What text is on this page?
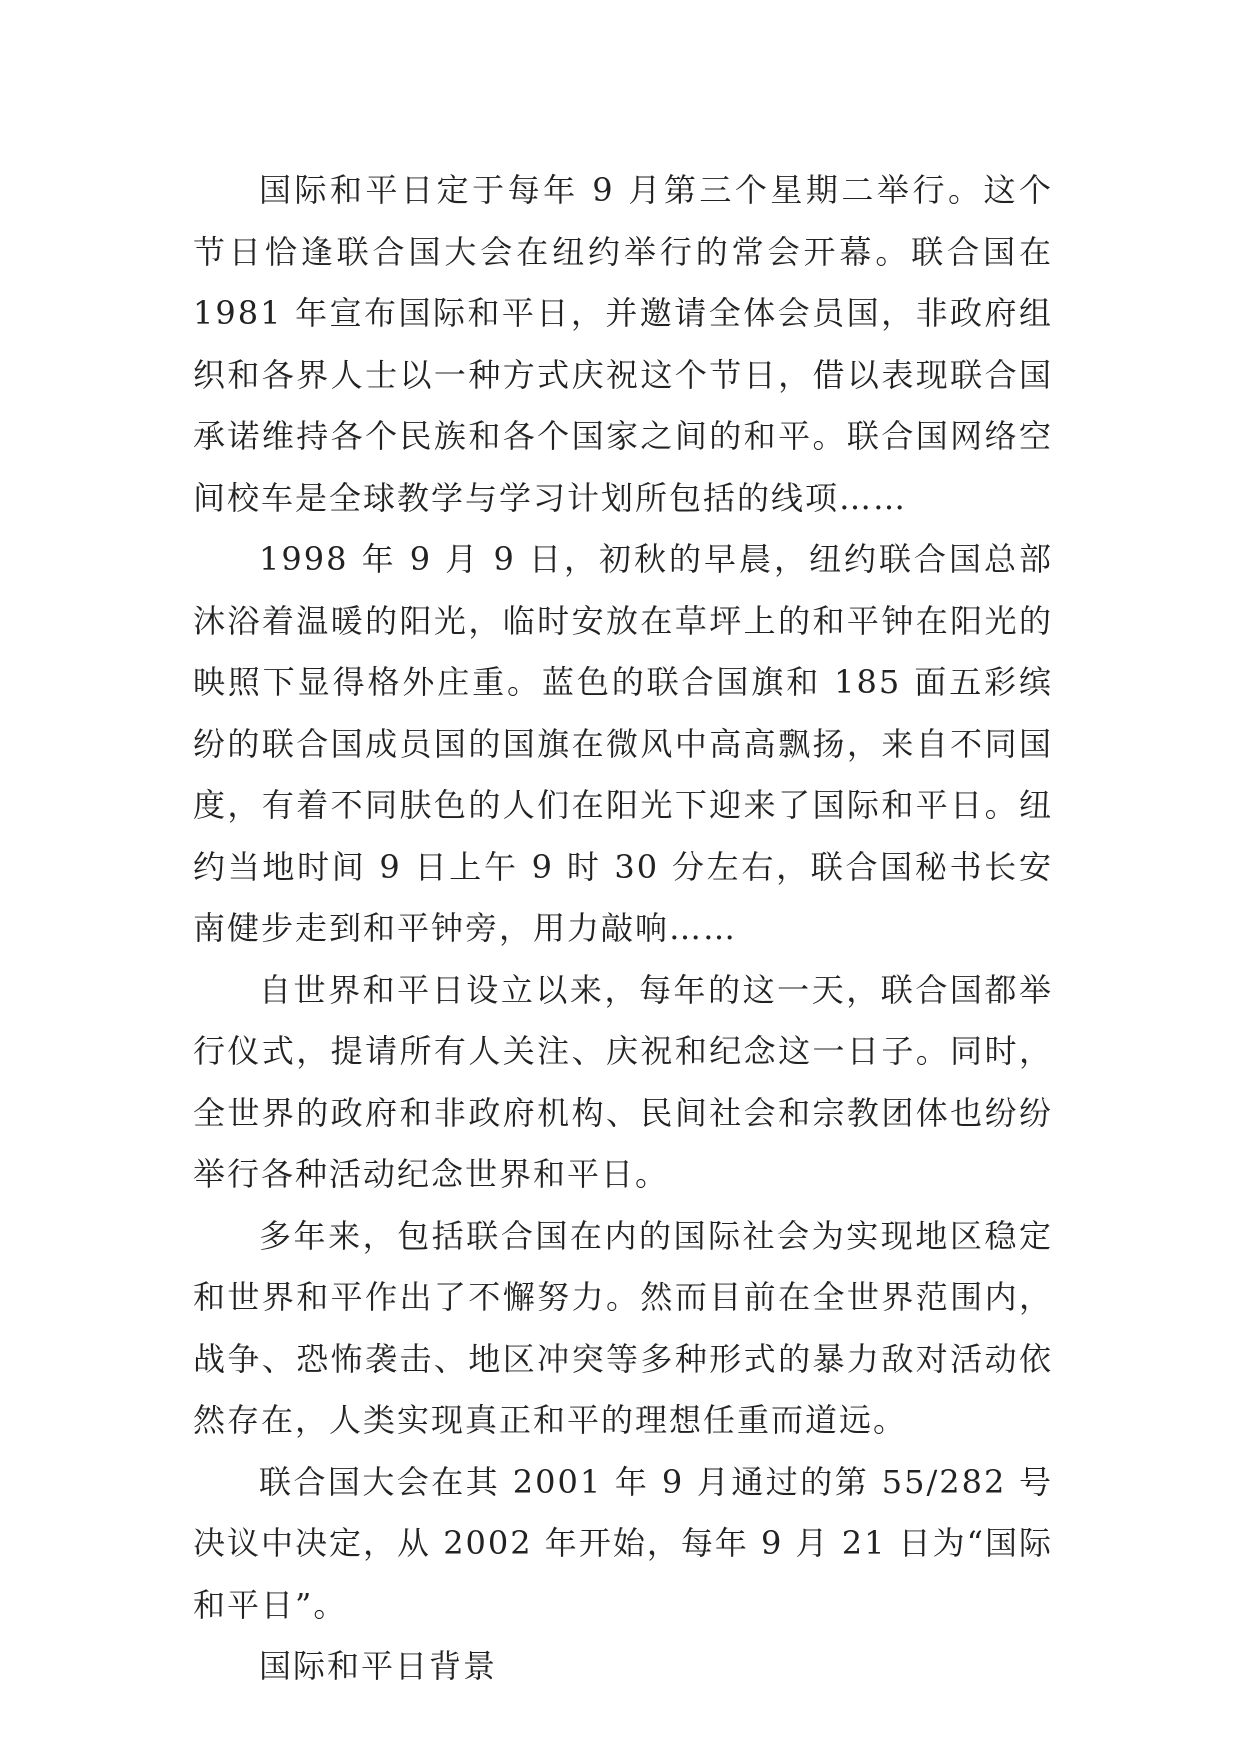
国际和平日定于每年 9 月第三个星期二举行。这个节日恰逢联合国大会在纽约举行的常会开幕。联合国在 1981 年宣布国际和平日，并邀请全体会员国，非政府组织和各界人士以一种方式庆祝这个节日，借以表现联合国承诺维持各个民族和各个国家之间的和平。联合国网络空间校车是全球教学与学习计划所包括的线项……

1998 年 9 月 9 日，初秋的早晨，纽约联合国总部沐浴着温暖的阳光，临时安放在草坪上的和平钟在阳光的映照下显得格外庄重。蓝色的联合国旗和 185 面五彩缤纷的联合国成员国的国旗在微风中高高飘扬，来自不同国度，有着不同肤色的人们在阳光下迎来了国际和平日。纽约当地时间 9 日上午 9 时 30 分左右，联合国秘书长安南健步走到和平钟旁，用力敲响……

自世界和平日设立以来，每年的这一天，联合国都举行仪式，提请所有人关注、庆祝和纪念这一日子。同时，全世界的政府和非政府机构、民间社会和宗教团体也纷纷举行各种活动纪念世界和平日。

多年来，包括联合国在内的国际社会为实现地区稳定和世界和平作出了不懈努力。然而目前在全世界范围内，战争、恐怖袭击、地区冲突等多种形式的暴力敌对活动依然存在，人类实现真正和平的理想任重而道远。

联合国大会在其 2001 年 9 月通过的第 55/282 号决议中决定，从 2002 年开始，每年 9 月 21 日为“国际和平日”。

国际和平日背景
